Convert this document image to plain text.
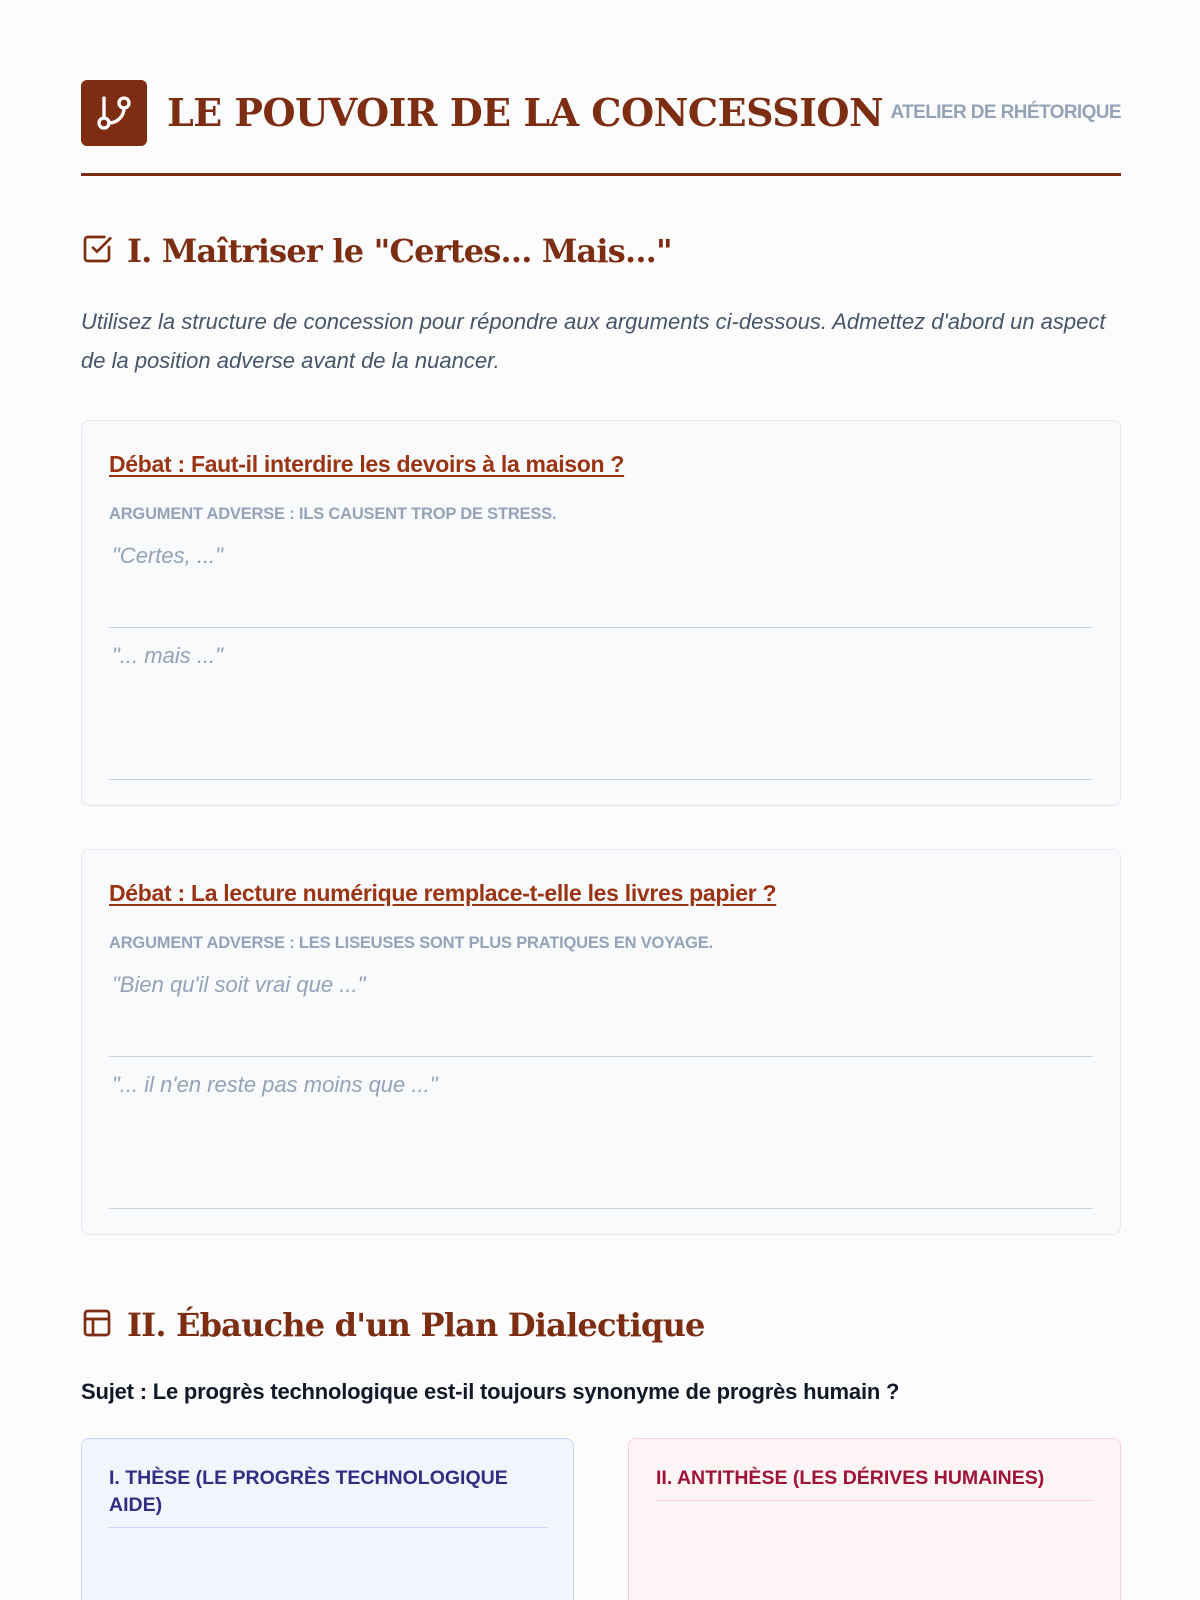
LE POUVOIR DE LA CONCESSION ATELIER DE RHÉTORIQUE
I. Maîtriser le "Certes... Mais..."

Utilisez la structure de concession pour répondre aux arguments ci-dessous. Admettez d'abord un aspect de la position adverse avant de la nuancer.

Débat : Faut-il interdire les devoirs à la maison ?
ARGUMENT ADVERSE : ILS CAUSENT TROP DE STRESS.
"Certes, ..."
"... mais ..."
Débat : La lecture numérique remplace-t-elle les livres papier ?
ARGUMENT ADVERSE : LES LISEUSES SONT PLUS PRATIQUES EN VOYAGE.
"Bien qu'il soit vrai que ..."
"... il n'en reste pas moins que ..."
II. Ébauche d'un Plan Dialectique

Sujet : Le progrès technologique est-il toujours synonyme de progrès humain ?

I. THÈSE (LE PROGRÈS TECHNOLOGIQUE AIDE)
II. ANTITHÈSE (LES DÉRIVES HUMAINES)
